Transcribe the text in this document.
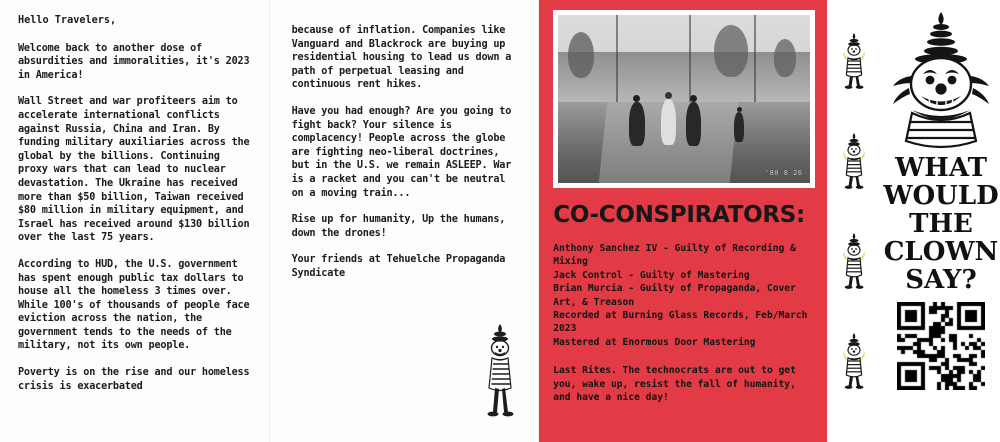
Hello Travelers,

Welcome back to another dose of absurdities and immoralities, it's 2023 in America!

Wall Street and war profiteers aim to accelerate international conflicts against Russia, China and Iran. By funding military auxiliaries across the global by the billions. Continuing proxy wars that can lead to nuclear devastation. The Ukraine has received more than $50 billion, Taiwan received $80 million in military equipment, and Israel has received around $130 billion over the last 75 years.

According to HUD, the U.S. government has spent enough public tax dollars to house all the homeless 3 times over. While 100's of thousands of people face eviction across the nation, the government tends to the needs of the military, not its own people.

Poverty is on the rise and our homeless crisis is exacerbated

because of inflation. Companies like Vanguard and Blackrock are buying up residential housing to lead us down a path of perpetual leasing and continuous rent hikes.

Have you had enough? Are you going to fight back? Your silence is complacency! People across the globe are fighting neo-liberal doctrines, but in the U.S. we remain ASLEEP. War is a racket and you can't be neutral on a moving train...

Rise up for humanity, Up the humans, down the drones!

Your friends at Tehuelche Propaganda Syndicate

'80 8 26
CO-CONSPIRATORS:
Anthony Sanchez IV - Guilty of Recording & Mixing
Jack Control - Guilty of Mastering
Brian Murcia - Guilty of Propaganda, Cover Art, & Treason
Recorded at Burning Glass Records, Feb/March 2023
Mastered at Enormous Door Mastering
Last Rites. The technocrats are out to get you, wake up, resist the fall of humanity, and have a nice day!
WHAT
WOULD
THE
CLOWN
SAY?
